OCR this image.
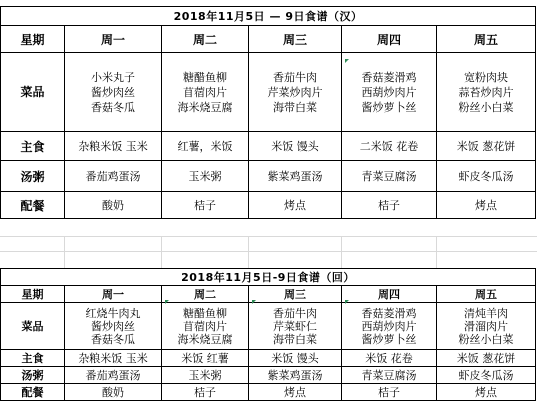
2018年11月5日 — 9日食谱（汉）					
星期	周一	周二	周三	周四	周五
菜品	小米丸子
酱炒肉丝
香菇冬瓜	糖醋鱼柳
苜蓿肉片
海米烧豆腐	香茄牛肉
芹菜炒肉片
海带白菜	香菇菱滑鸡
西葫炒肉片
酱炒萝卜丝	宽粉肉块
蒜苔炒肉片
粉丝小白菜

主食	杂粮米饭 玉米	红薯，米饭	米饭 馒头	二米饭 花卷	米饭 葱花饼
汤粥	番茄鸡蛋汤	玉米粥	紫菜鸡蛋汤	青菜豆腐汤	虾皮冬瓜汤
配餐	酸奶	桔子	烤点	桔子	烤点
2018年11月5日-9日食谱（回）					
星期	周一	周二	周三	周四	周五
菜品	红烧牛肉丸
酱炒肉丝
香菇冬瓜	糖醋鱼柳
苜蓿肉片
海米烧豆腐	香茄牛肉
芹菜虾仁
海带白菜	香菇菱滑鸡
西葫炒肉片
酱炒萝卜丝	清炖羊肉
滑溜肉片
粉丝小白菜

主食	杂粮米饭 玉米	米饭 红薯	米饭 馒头	米饭 花卷	米饭 葱花饼
汤粥	番茄鸡蛋汤	玉米粥	紫菜鸡蛋汤	青菜豆腐汤	虾皮冬瓜汤
配餐	酸奶	桔子	烤点	桔子	烤点
